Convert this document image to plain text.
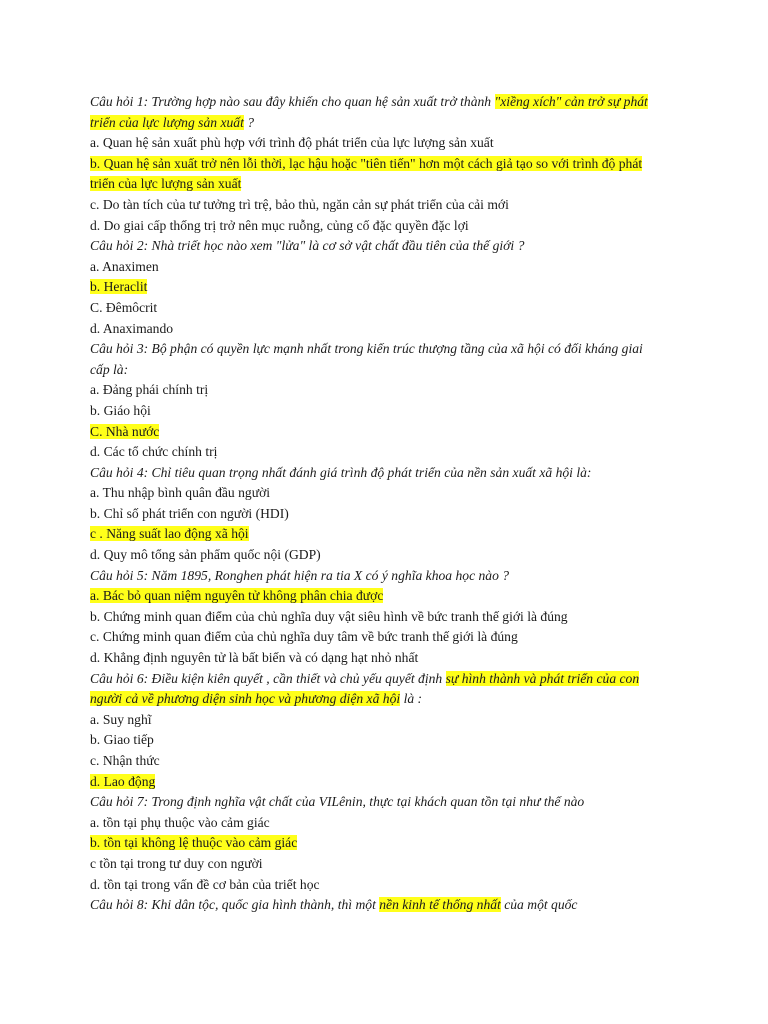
Câu hỏi 1: Trường hợp nào sau đây khiến cho quan hệ sản xuất trở thành "xiềng xích" cản trở sự phát triển của lực lượng sản xuất ?
a. Quan hệ sản xuất phù hợp với trình độ phát triển của lực lượng sản xuất
b. Quan hệ sản xuất trở nên lỗi thời, lạc hậu hoặc "tiên tiến" hơn một cách giả tạo so với trình độ phát triển của lực lượng sản xuất
c. Do tàn tích của tư tưởng trì trệ, bảo thủ, ngăn cản sự phát triển của cải mới
d. Do giai cấp thống trị trở nên mục ruỗng, củng cố đặc quyền đặc lợi
Câu hỏi 2: Nhà triết học nào xem "lửa" là cơ sở vật chất đầu tiên của thế giới ?
a. Anaximen
b. Heraclit
C. Đêmôcrit
d. Anaximando
Câu hỏi 3: Bộ phận có quyền lực mạnh nhất trong kiến trúc thượng tầng của xã hội có đối kháng giai cấp là:
a. Đảng phái chính trị
b. Giáo hội
C. Nhà nước
d. Các tổ chức chính trị
Câu hỏi 4: Chỉ tiêu quan trọng nhất đánh giá trình độ phát triển của nền sản xuất xã hội là:
a. Thu nhập bình quân đầu người
b. Chỉ số phát triển con người (HDI)
c . Năng suất lao động xã hội
d. Quy mô tổng sản phẩm quốc nội (GDP)
Câu hỏi 5: Năm 1895, Ronghen phát hiện ra tia X có ý nghĩa khoa học nào ?
a. Bác bỏ quan niệm nguyên tử không phân chia được
b. Chứng minh quan điểm của chủ nghĩa duy vật siêu hình về bức tranh thế giới là đúng
c. Chứng minh quan điểm của chủ nghĩa duy tâm về bức tranh thế giới là đúng
d. Khẳng định nguyên tử là bất biến và có dạng hạt nhỏ nhất
Câu hỏi 6: Điều kiện kiên quyết , cần thiết và chủ yếu quyết định sự hình thành và phát triển của con người cả về phương diện sinh học và phương diện xã hội là :
a. Suy nghĩ
b. Giao tiếp
c. Nhận thức
d. Lao động
Câu hỏi 7: Trong định nghĩa vật chất của VILênin, thực tại khách quan tồn tại như thế nào
a. tồn tại phụ thuộc vào cảm giác
b. tồn tại không lệ thuộc vào cảm giác
c tồn tại trong tư duy con người
d. tồn tại trong vấn đề cơ bản của triết học
Câu hỏi 8: Khi dân tộc, quốc gia hình thành, thì một nền kinh tế thống nhất của một quốc
